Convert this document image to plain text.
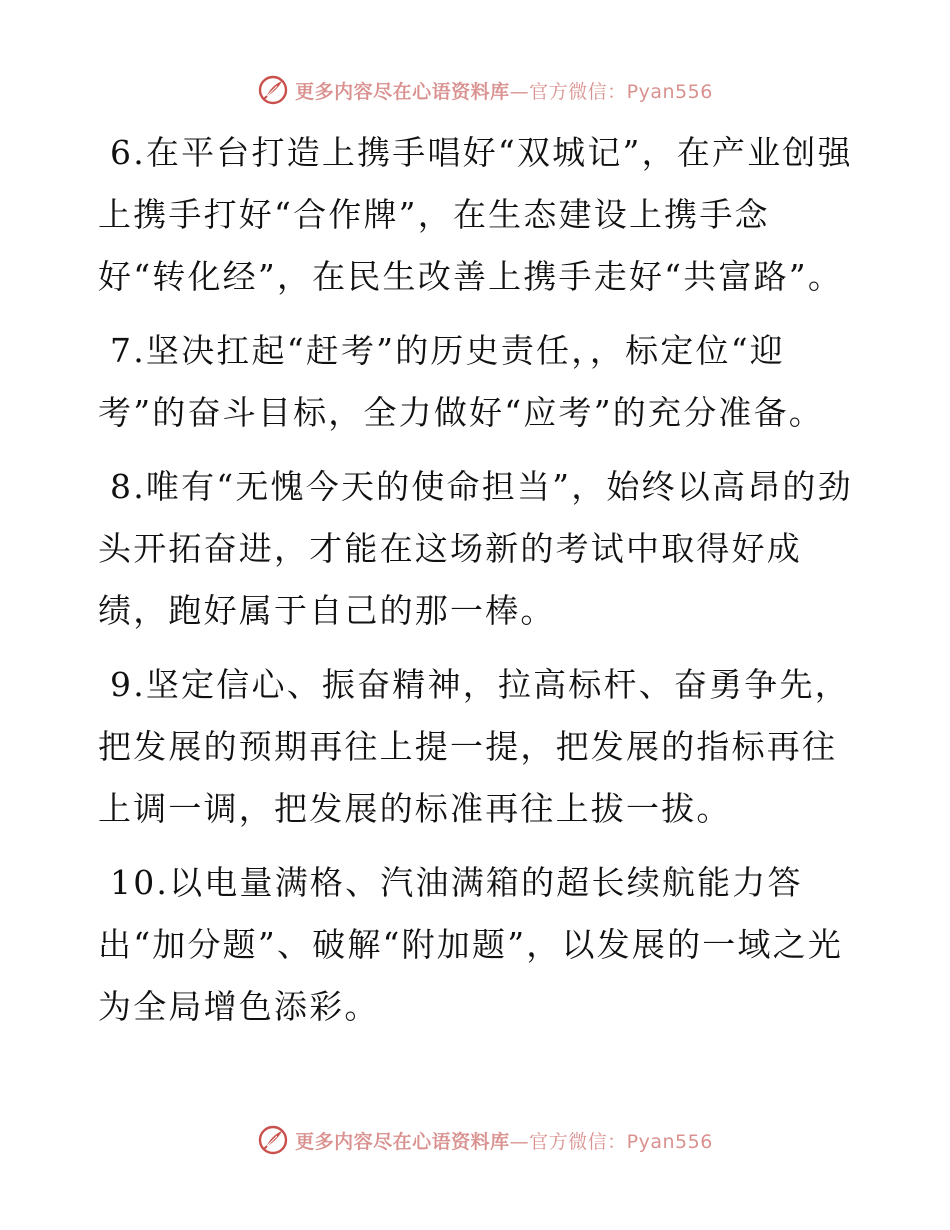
更多内容尽在心语资料库—官方微信：Pyan556

6.在平台打造上携手唱好“双城记”，在产业创强上携手打好“合作牌”，在生态建设上携手念好“转化经”，在民生改善上携手走好“共富路”。

7.坚决扛起“赶考”的历史责任，，标定位“迎考”的奋斗目标，全力做好“应考”的充分准备。

8.唯有“无愧今天的使命担当”，始终以高昂的劲头开拓奋进，才能在这场新的考试中取得好成绩，跑好属于自己的那一棒。

9.坚定信心、振奋精神，拉高标杆、奋勇争先，把发展的预期再往上提一提，把发展的指标再往上调一调，把发展的标准再往上拔一拔。

10.以电量满格、汽油满箱的超长续航能力答出“加分题”、破解“附加题”，以发展的一域之光为全局增色添彩。

更多内容尽在心语资料库—官方微信：Pyan556
